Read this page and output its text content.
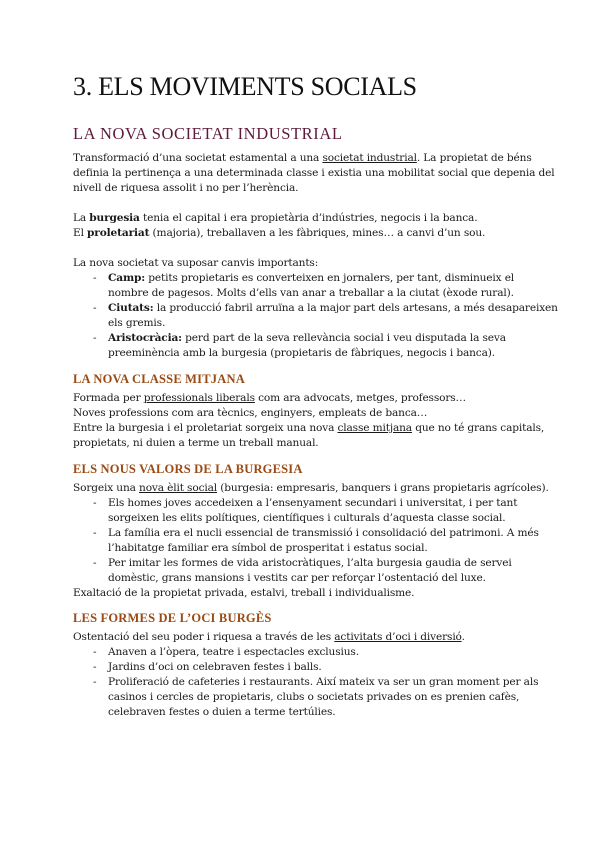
3. ELS MOVIMENTS SOCIALS
LA NOVA SOCIETAT INDUSTRIAL
Transformació d’una societat estamental a una societat industrial. La propietat de béns
definia la pertinença a una determinada classe i existia una mobilitat social que depenia del
nivell de riquesa assolit i no per l’herència.
La burgesia tenia el capital i era propietària d’indústries, negocis i la banca.
El proletariat (majoria), treballaven a les fàbriques, mines… a canvi d’un sou.
La nova societat va suposar canvis importants:
- Camp: petits propietaris es converteixen en jornalers, per tant, disminueix el
nombre de pagesos. Molts d’ells van anar a treballar a la ciutat (èxode rural).
- Ciutats: la producció fabril arruïna a la major part dels artesans, a més desapareixen
els gremis.
- Aristocràcia: perd part de la seva rellevància social i veu disputada la seva
preeminència amb la burgesia (propietaris de fàbriques, negocis i banca).
LA NOVA CLASSE MITJANA
Formada per professionals liberals com ara advocats, metges, professors…
Noves professions com ara tècnics, enginyers, empleats de banca…
Entre la burgesia i el proletariat sorgeix una nova classe mitjana que no té grans capitals,
propietats, ni duien a terme un treball manual.
ELS NOUS VALORS DE LA BURGESIA
Sorgeix una nova èlit social (burgesia: empresaris, banquers i grans propietaris agrícoles).
- Els homes joves accedeixen a l’ensenyament secundari i universitat, i per tant
sorgeixen les elits polítiques, científiques i culturals d’aquesta classe social.
- La família era el nucli essencial de transmissió i consolidació del patrimoni. A més
l’habitatge familiar era símbol de prosperitat i estatus social.
- Per imitar les formes de vida aristocràtiques, l’alta burgesia gaudia de servei
domèstic, grans mansions i vestits car per reforçar l’ostentació del luxe.
Exaltació de la propietat privada, estalvi, treball i individualisme.
LES FORMES DE L’OCI BURGÈS
Ostentació del seu poder i riquesa a través de les activitats d’oci i diversió.
- Anaven a l’òpera, teatre i espectacles exclusius.
- Jardins d’oci on celebraven festes i balls.
- Proliferació de cafeteries i restaurants. Així mateix va ser un gran moment per als
casinos i cercles de propietaris, clubs o societats privades on es prenien cafès,
celebraven festes o duien a terme tertúlies.
